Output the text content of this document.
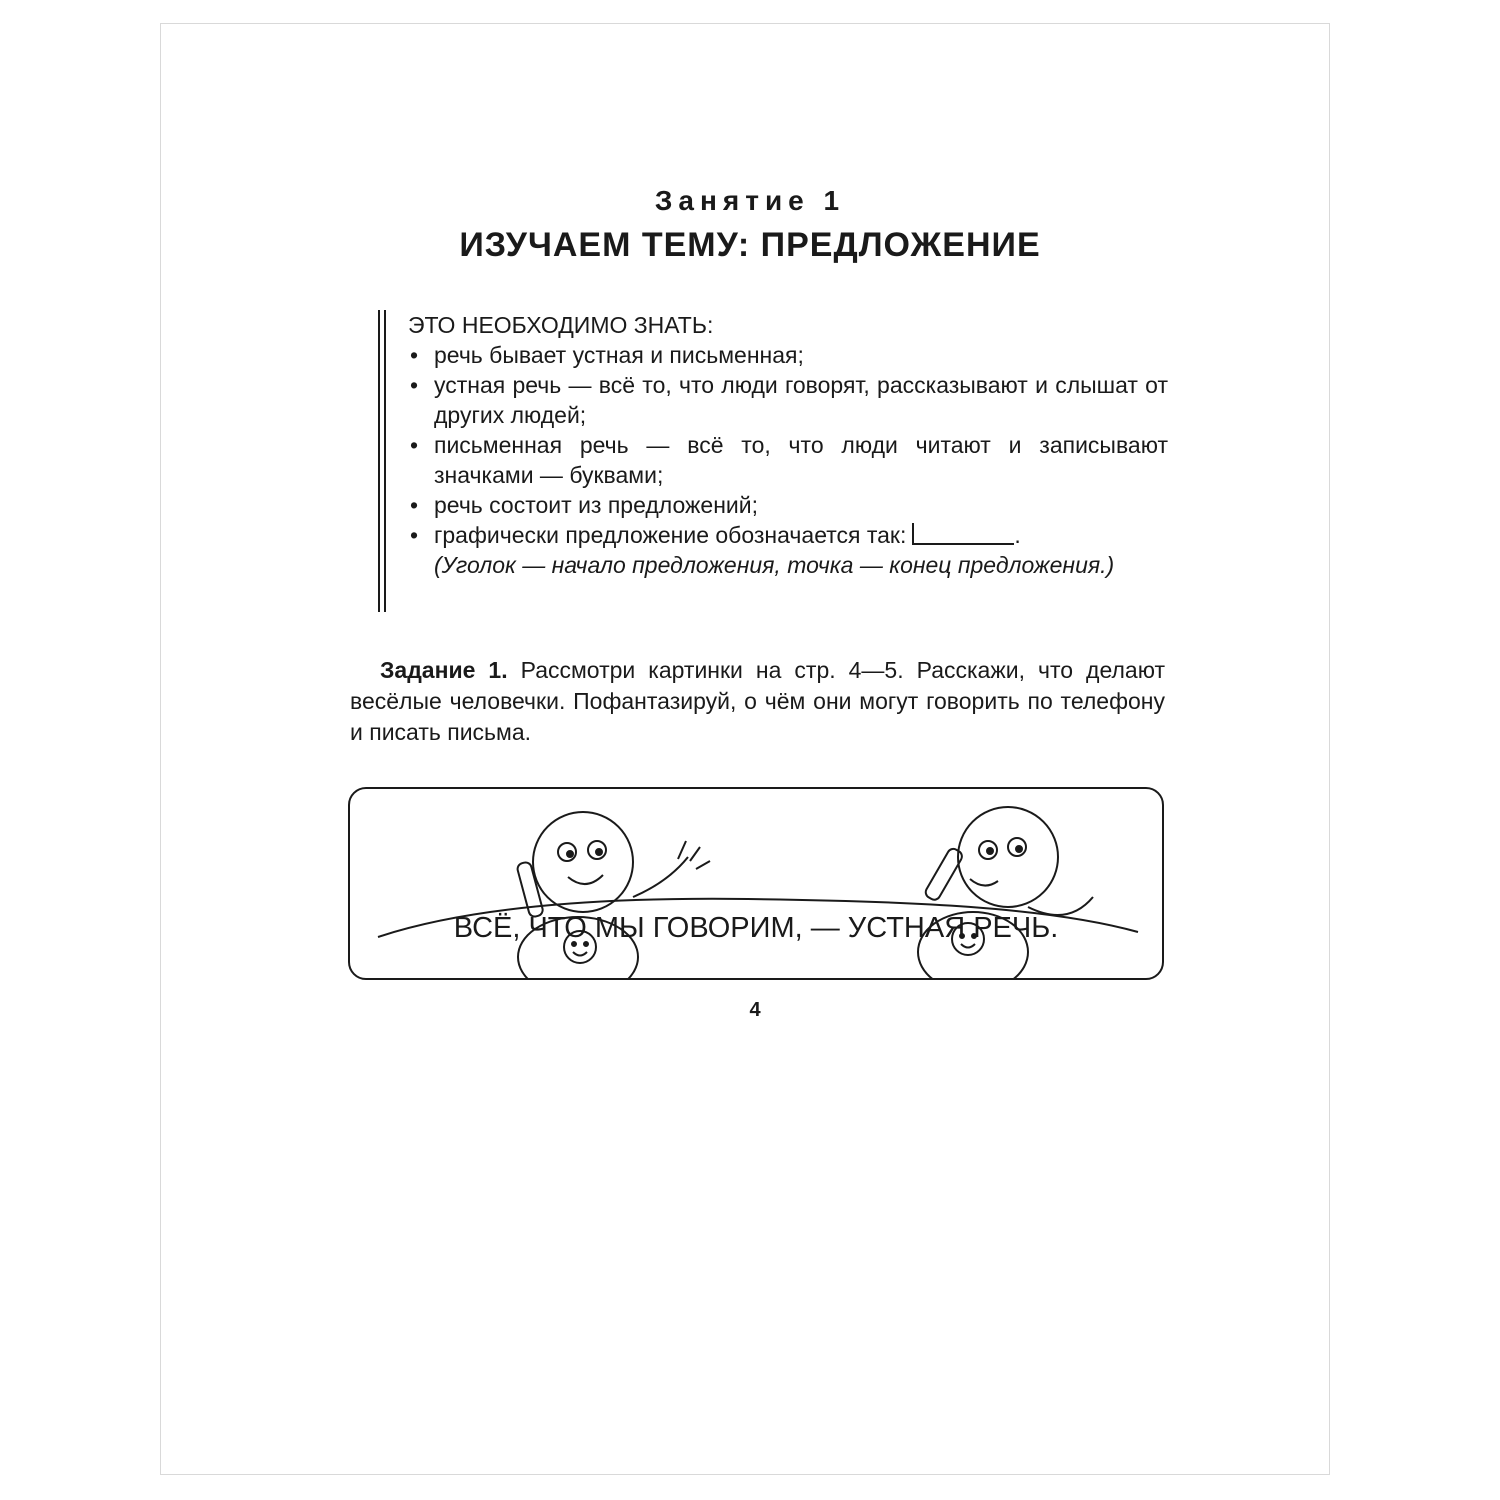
Занятие 1
ИЗУЧАЕМ ТЕМУ: ПРЕДЛОЖЕНИЕ
ЭТО НЕОБХОДИМО ЗНАТЬ:
• речь бывает устная и письменная;
• устная речь — всё то, что люди говорят, рассказывают и слышат от других людей;
• письменная речь — всё то, что люди читают и записывают значками — буквами;
• речь состоит из предложений;
• графически предложение обозначается так:	.
(Уголок — начало предложения, точка — конец предложения.)
Задание 1. Рассмотри картинки на стр. 4—5. Расскажи, что делают весёлые человечки. Пофантазируй, о чём они могут говорить по телефону и писать письма.
ВСЁ, ЧТО МЫ ГОВОРИМ, — УСТНАЯ РЕЧЬ.
4
